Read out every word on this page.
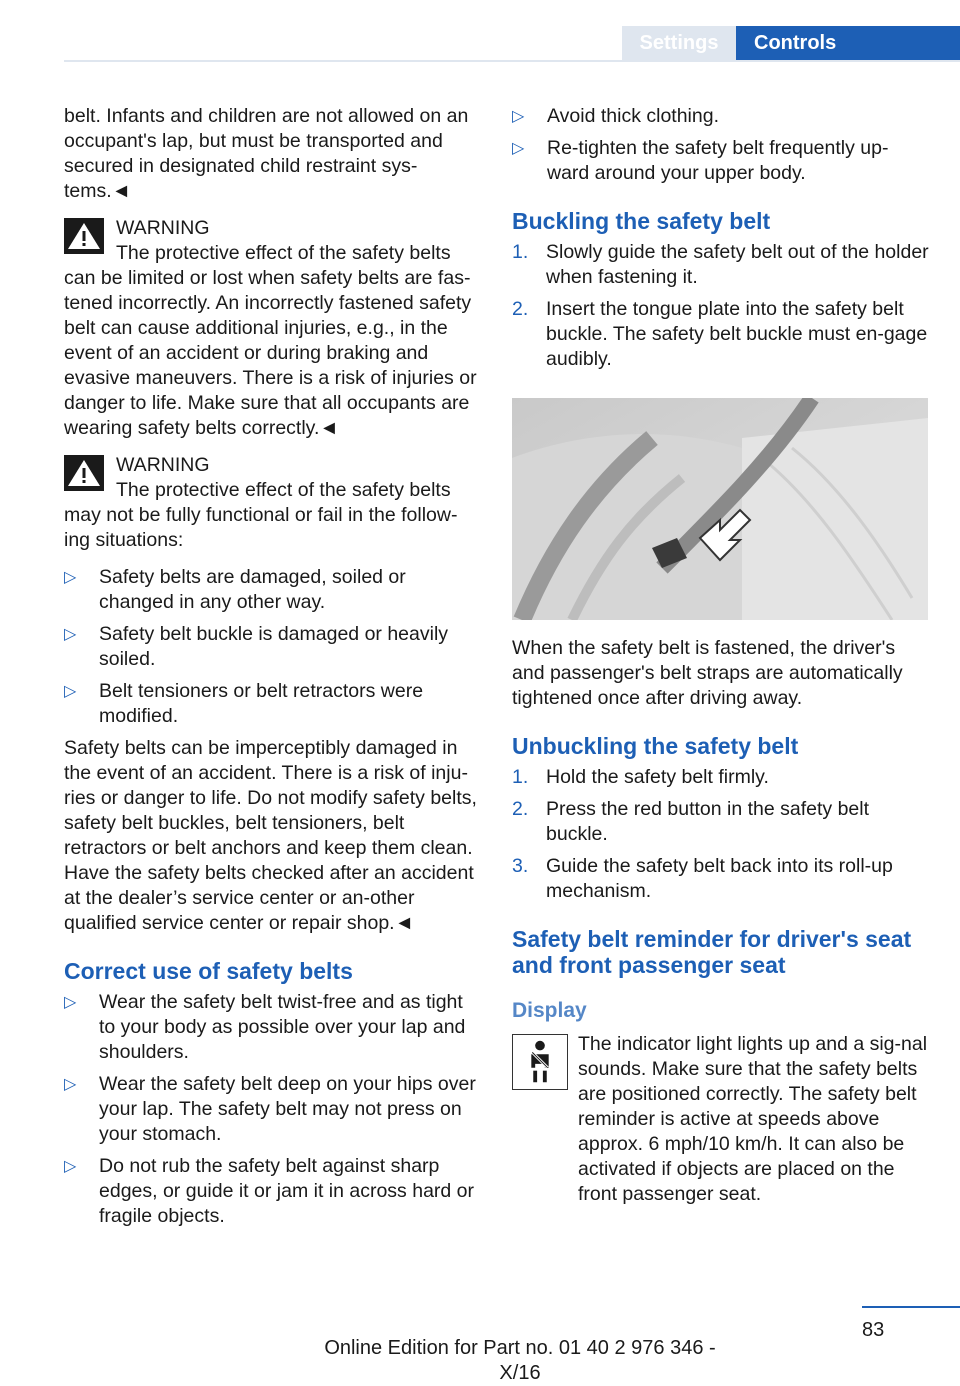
Settings	Controls

belt. Infants and children are not allowed on an occupant's lap, but must be transported and secured in designated child restraint sys-tems.◄

WARNING
The protective effect of the safety belts
can be limited or lost when safety belts are fas-tened incorrectly. An incorrectly fastened safety belt can cause additional injuries, e.g., in the event of an accident or during braking and evasive maneuvers. There is a risk of injuries or danger to life. Make sure that all occupants are wearing safety belts correctly.◄
WARNING
The protective effect of the safety belts
may not be fully functional or fail in the follow-ing situations:
▷ Safety belts are damaged, soiled or changed in any other way.
▷ Safety belt buckle is damaged or heavily soiled.
▷ Belt tensioners or belt retractors were modified.

Safety belts can be imperceptibly damaged in the event of an accident. There is a risk of inju-ries or danger to life. Do not modify safety belts, safety belt buckles, belt tensioners, belt retractors or belt anchors and keep them clean. Have the safety belts checked after an accident at the dealer’s service center or an-other qualified service center or repair shop.◄

Correct use of safety belts
▷ Wear the safety belt twist-free and as tight to your body as possible over your lap and shoulders.
▷ Wear the safety belt deep on your hips over your lap. The safety belt may not press on your stomach.
▷ Do not rub the safety belt against sharp edges, or guide it or jam it in across hard or fragile objects.
▷ Avoid thick clothing.
▷ Re-tighten the safety belt frequently up-ward around your upper body.
Buckling the safety belt
1. Slowly guide the safety belt out of the holder when fastening it.
2. Insert the tongue plate into the safety belt buckle. The safety belt buckle must en-gage audibly.

When the safety belt is fastened, the driver's and passenger's belt straps are automatically tightened once after driving away.

Unbuckling the safety belt
1. Hold the safety belt firmly.
2. Press the red button in the safety belt buckle.
3. Guide the safety belt back into its roll-up mechanism.
Safety belt reminder for driver's seat and front passenger seat
Display

The indicator light lights up and a sig-nal sounds. Make sure that the safety belts are positioned correctly. The safety belt reminder is active at speeds above approx. 6 mph/10 km/h. It can also be activated if objects are placed on the front passenger seat.

83
Online Edition for Part no. 01 40 2 976 346 - X/16
